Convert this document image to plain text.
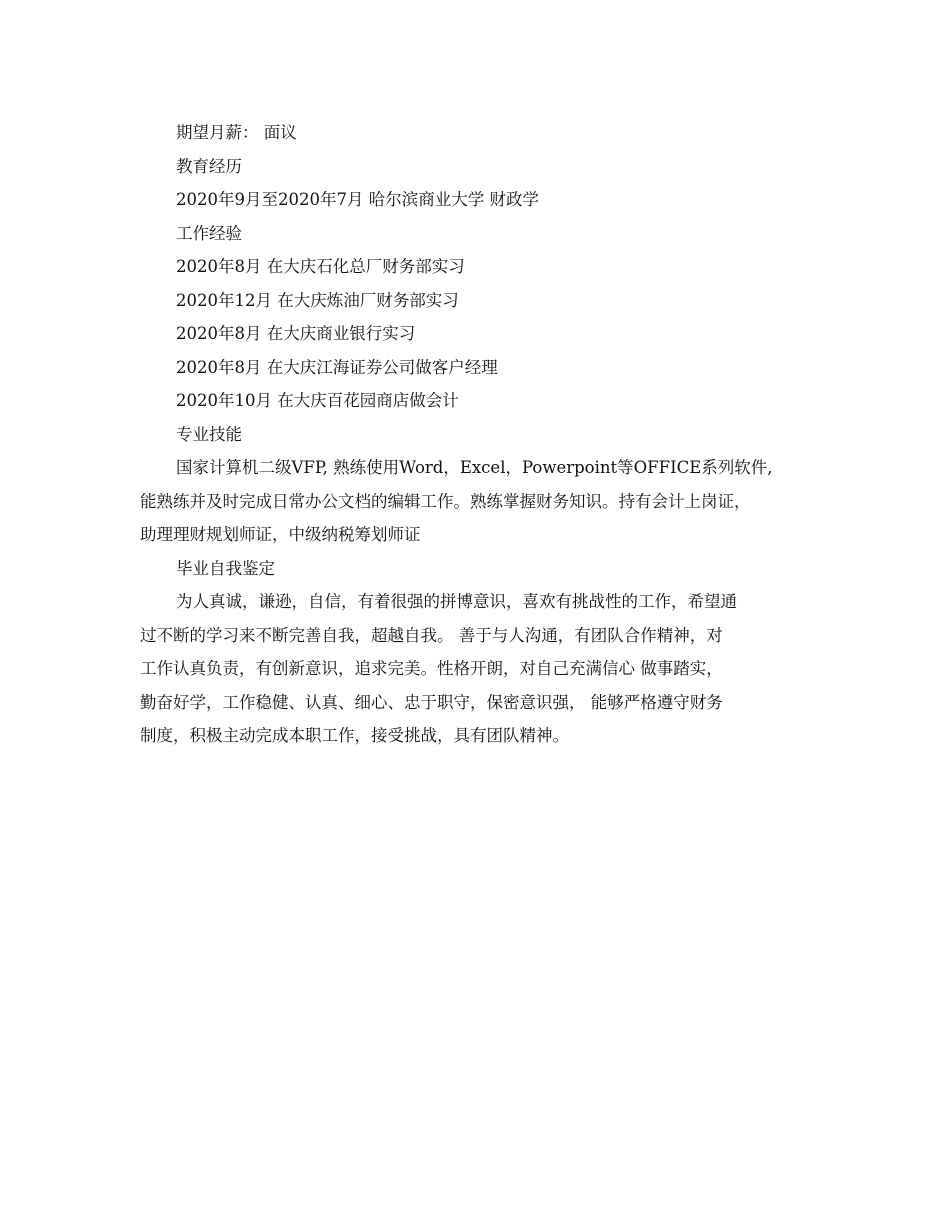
期望月薪： 面议
教育经历
2020年9月至2020年7月 哈尔滨商业大学 财政学
工作经验
2020年8月 在大庆石化总厂财务部实习
2020年12月 在大庆炼油厂财务部实习
2020年8月 在大庆商业银行实习
2020年8月 在大庆江海证券公司做客户经理
2020年10月 在大庆百花园商店做会计
专业技能
国家计算机二级VFP, 熟练使用Word，Excel，Powerpoint等OFFICE系列软件,
能熟练并及时完成日常办公文档的编辑工作。熟练掌握财务知识。持有会计上岗证，
助理理财规划师证，中级纳税筹划师证
毕业自我鉴定
为人真诚，谦逊，自信，有着很强的拼博意识，喜欢有挑战性的工作，希望通
过不断的学习来不断完善自我，超越自我。 善于与人沟通，有团队合作精神，对
工作认真负责，有创新意识，追求完美。性格开朗，对自己充满信心 做事踏实，
勤奋好学，工作稳健、认真、细心、忠于职守，保密意识强， 能够严格遵守财务
制度，积极主动完成本职工作，接受挑战，具有团队精神。
